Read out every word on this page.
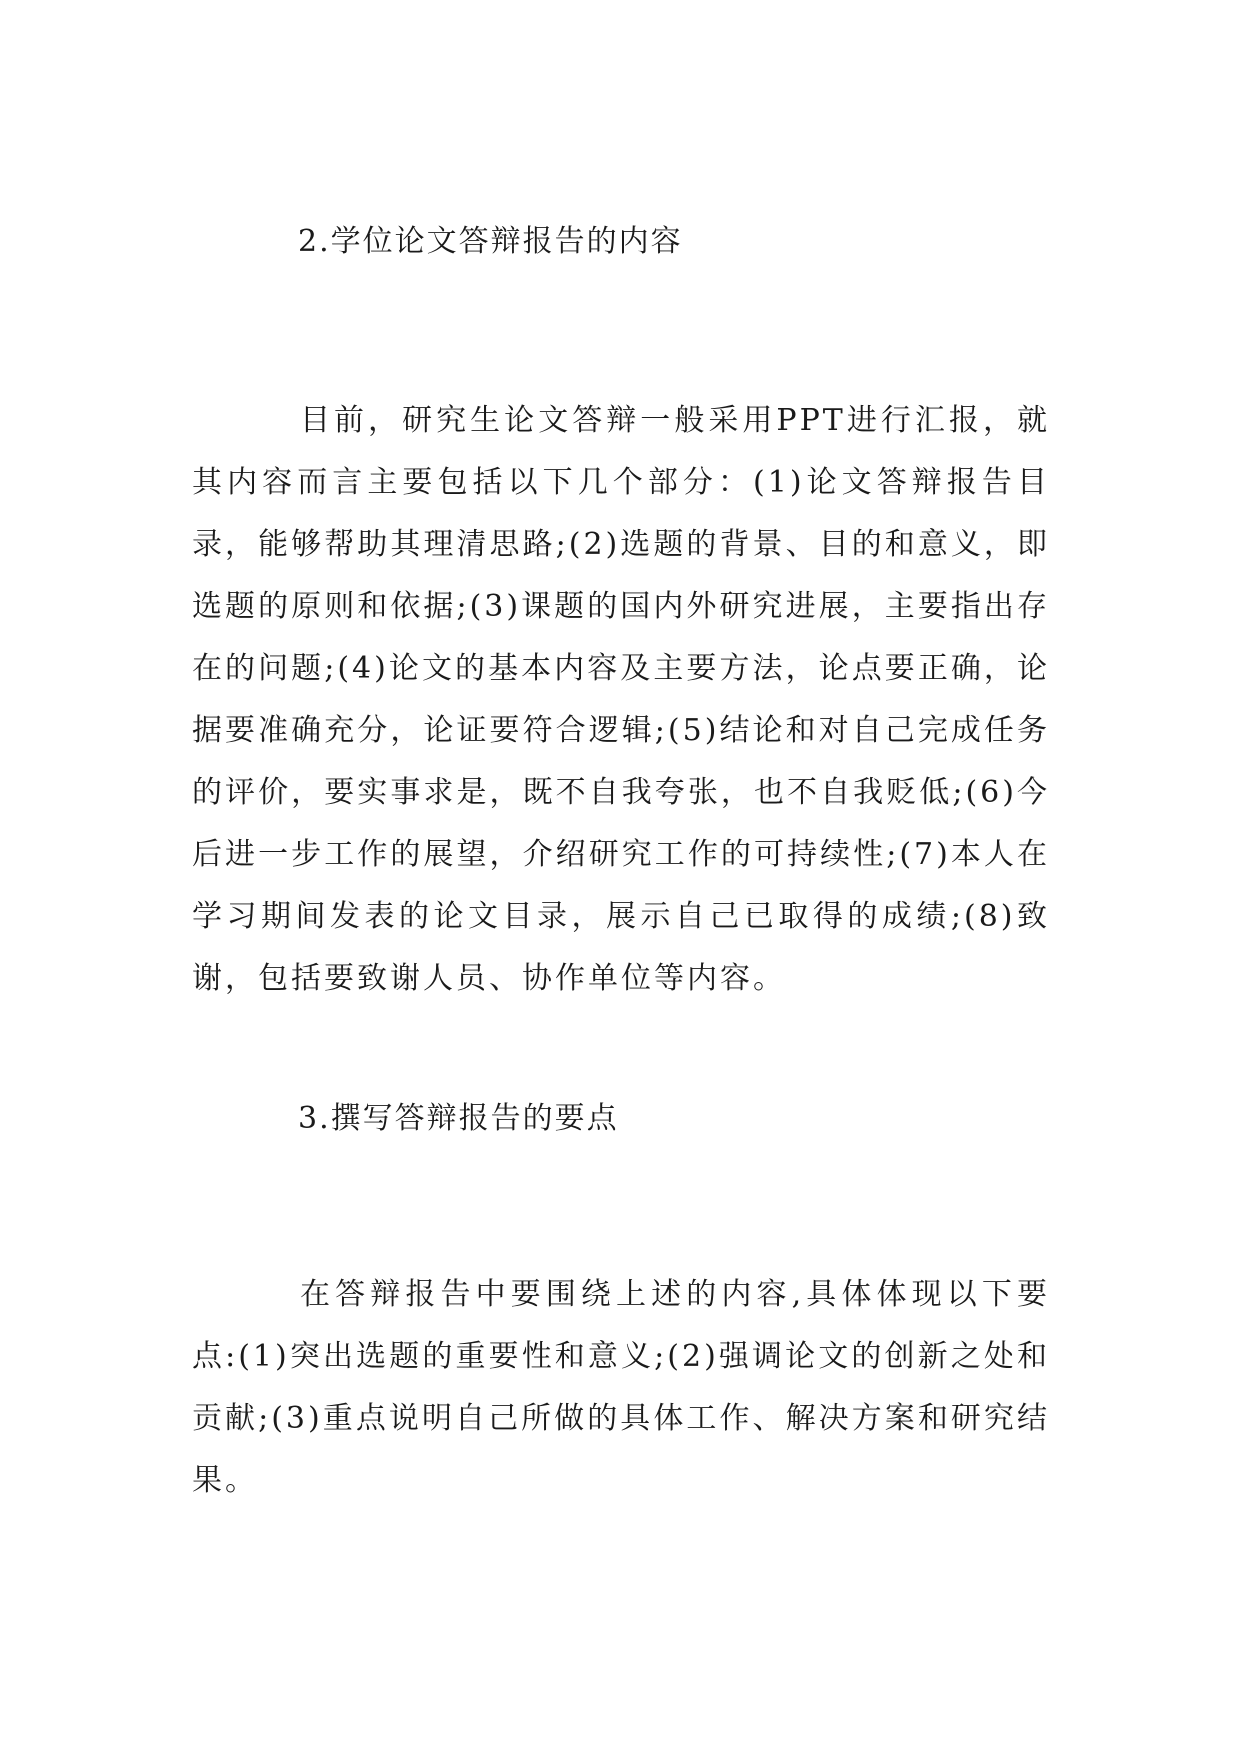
2.学位论文答辩报告的内容

目前，研究生论文答辩一般采用PPT进行汇报，就其内容而言主要包括以下几个部分：(1)论文答辩报告目录，能够帮助其理清思路;(2)选题的背景、目的和意义，即选题的原则和依据;(3)课题的国内外研究进展，主要指出存在的问题;(4)论文的基本内容及主要方法，论点要正确，论据要准确充分，论证要符合逻辑;(5)结论和对自己完成任务的评价，要实事求是，既不自我夸张，也不自我贬低;(6)今后进一步工作的展望，介绍研究工作的可持续性;(7)本人在学习期间发表的论文目录，展示自己已取得的成绩;(8)致谢，包括要致谢人员、协作单位等内容。

3.撰写答辩报告的要点

在答辩报告中要围绕上述的内容,具体体现以下要点:(1)突出选题的重要性和意义;(2)强调论文的创新之处和贡献;(3)重点说明自己所做的具体工作、解决方案和研究结果。
